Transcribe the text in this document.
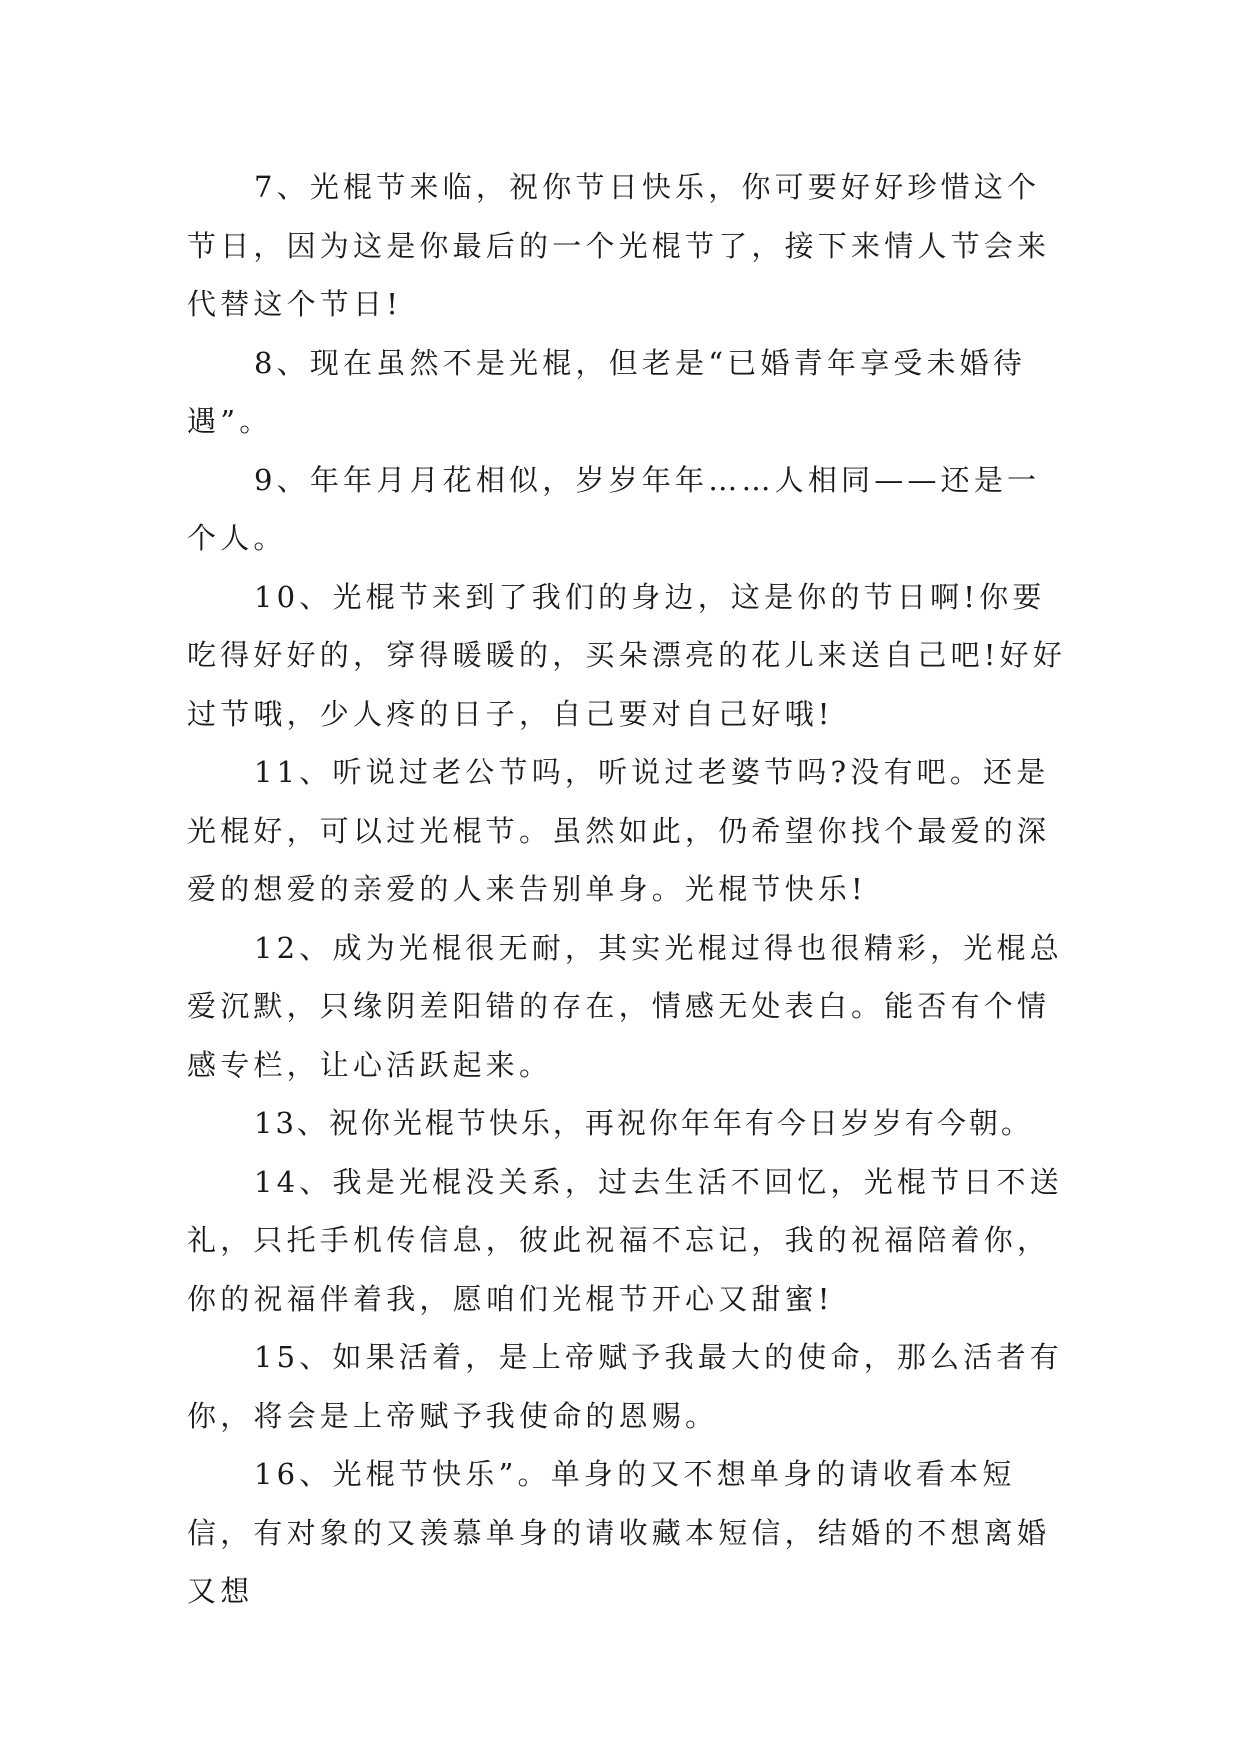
7、光棍节来临，祝你节日快乐，你可要好好珍惜这个节日，因为这是你最后的一个光棍节了，接下来情人节会来代替这个节日!

8、现在虽然不是光棍，但老是“已婚青年享受未婚待遇”。

9、年年月月花相似，岁岁年年……人相同——还是一个人。

10、光棍节来到了我们的身边，这是你的节日啊!你要吃得好好的，穿得暖暖的，买朵漂亮的花儿来送自己吧!好好过节哦，少人疼的日子，自己要对自己好哦!

11、听说过老公节吗，听说过老婆节吗?没有吧。还是光棍好，可以过光棍节。虽然如此，仍希望你找个最爱的深爱的想爱的亲爱的人来告别单身。光棍节快乐!

12、成为光棍很无耐，其实光棍过得也很精彩，光棍总爱沉默，只缘阴差阳错的存在，情感无处表白。能否有个情感专栏，让心活跃起来。

13、祝你光棍节快乐，再祝你年年有今日岁岁有今朝。

14、我是光棍没关系，过去生活不回忆，光棍节日不送礼，只托手机传信息，彼此祝福不忘记，我的祝福陪着你，你的祝福伴着我，愿咱们光棍节开心又甜蜜!

15、如果活着，是上帝赋予我最大的使命，那么活者有你，将会是上帝赋予我使命的恩赐。

16、光棍节快乐”。单身的又不想单身的请收看本短信，有对象的又羡慕单身的请收藏本短信，结婚的不想离婚又想
